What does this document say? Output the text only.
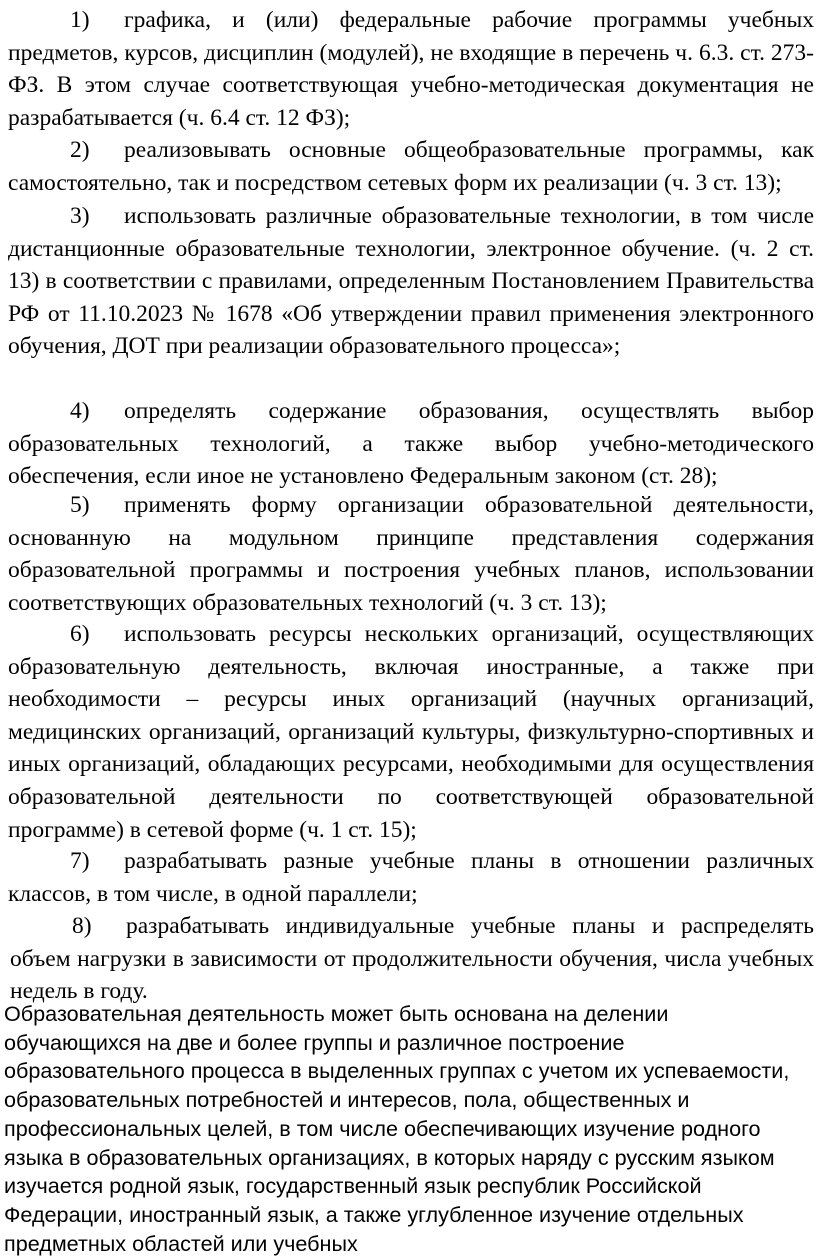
1) графика, и (или) федеральные рабочие программы учебных предметов, курсов, дисциплин (модулей), не входящие в перечень ч. 6.3. ст. 273-ФЗ. В этом случае соответствующая учебно-методическая документация не разрабатывается (ч. 6.4 ст. 12 ФЗ);

2) реализовывать основные общеобразовательные программы, как самостоятельно, так и посредством сетевых форм их реализации (ч. 3 ст. 13);

3) использовать различные образовательные технологии, в том числе дистанционные образовательные технологии, электронное обучение. (ч. 2 ст. 13) в соответствии с правилами, определенным Постановлением Правительства РФ от 11.10.2023 № 1678 «Об утверждении правил применения электронного обучения, ДОТ при реализации образовательного процесса»;

4) определять содержание образования, осуществлять выбор образовательных технологий, а также выбор учебно-методического обеспечения, если иное не установлено Федеральным законом (ст. 28);

5) применять форму организации образовательной деятельности, основанную на модульном принципе представления содержания образовательной программы и построения учебных планов, использовании соответствующих образовательных технологий (ч. 3 ст. 13);

6) использовать ресурсы нескольких организаций, осуществляющих образовательную деятельность, включая иностранные, а также при необходимости – ресурсы иных организаций (научных организаций, медицинских организаций, организаций культуры, физкультурно-спортивных и иных организаций, обладающих ресурсами, необходимыми для осуществления образовательной деятельности по соответствующей образовательной программе) в сетевой форме (ч. 1 ст. 15);

7) разрабатывать разные учебные планы в отношении различных классов, в том числе, в одной параллели;

8) разрабатывать индивидуальные учебные планы и распределять объем нагрузки в зависимости от продолжительности обучения, числа учебных недель в году.

Образовательная деятельность может быть основана на делении
обучающихся на две и более группы и различное построение
образовательного процесса в выделенных группах с учетом их успеваемости,
образовательных потребностей и интересов, пола, общественных и
профессиональных целей, в том числе обеспечивающих изучение родного
языка в образовательных организациях, в которых наряду с русским языком
изучается родной язык, государственный язык республик Российской
Федерации, иностранный язык, а также углубленное изучение отдельных
предметных областей или учебных
